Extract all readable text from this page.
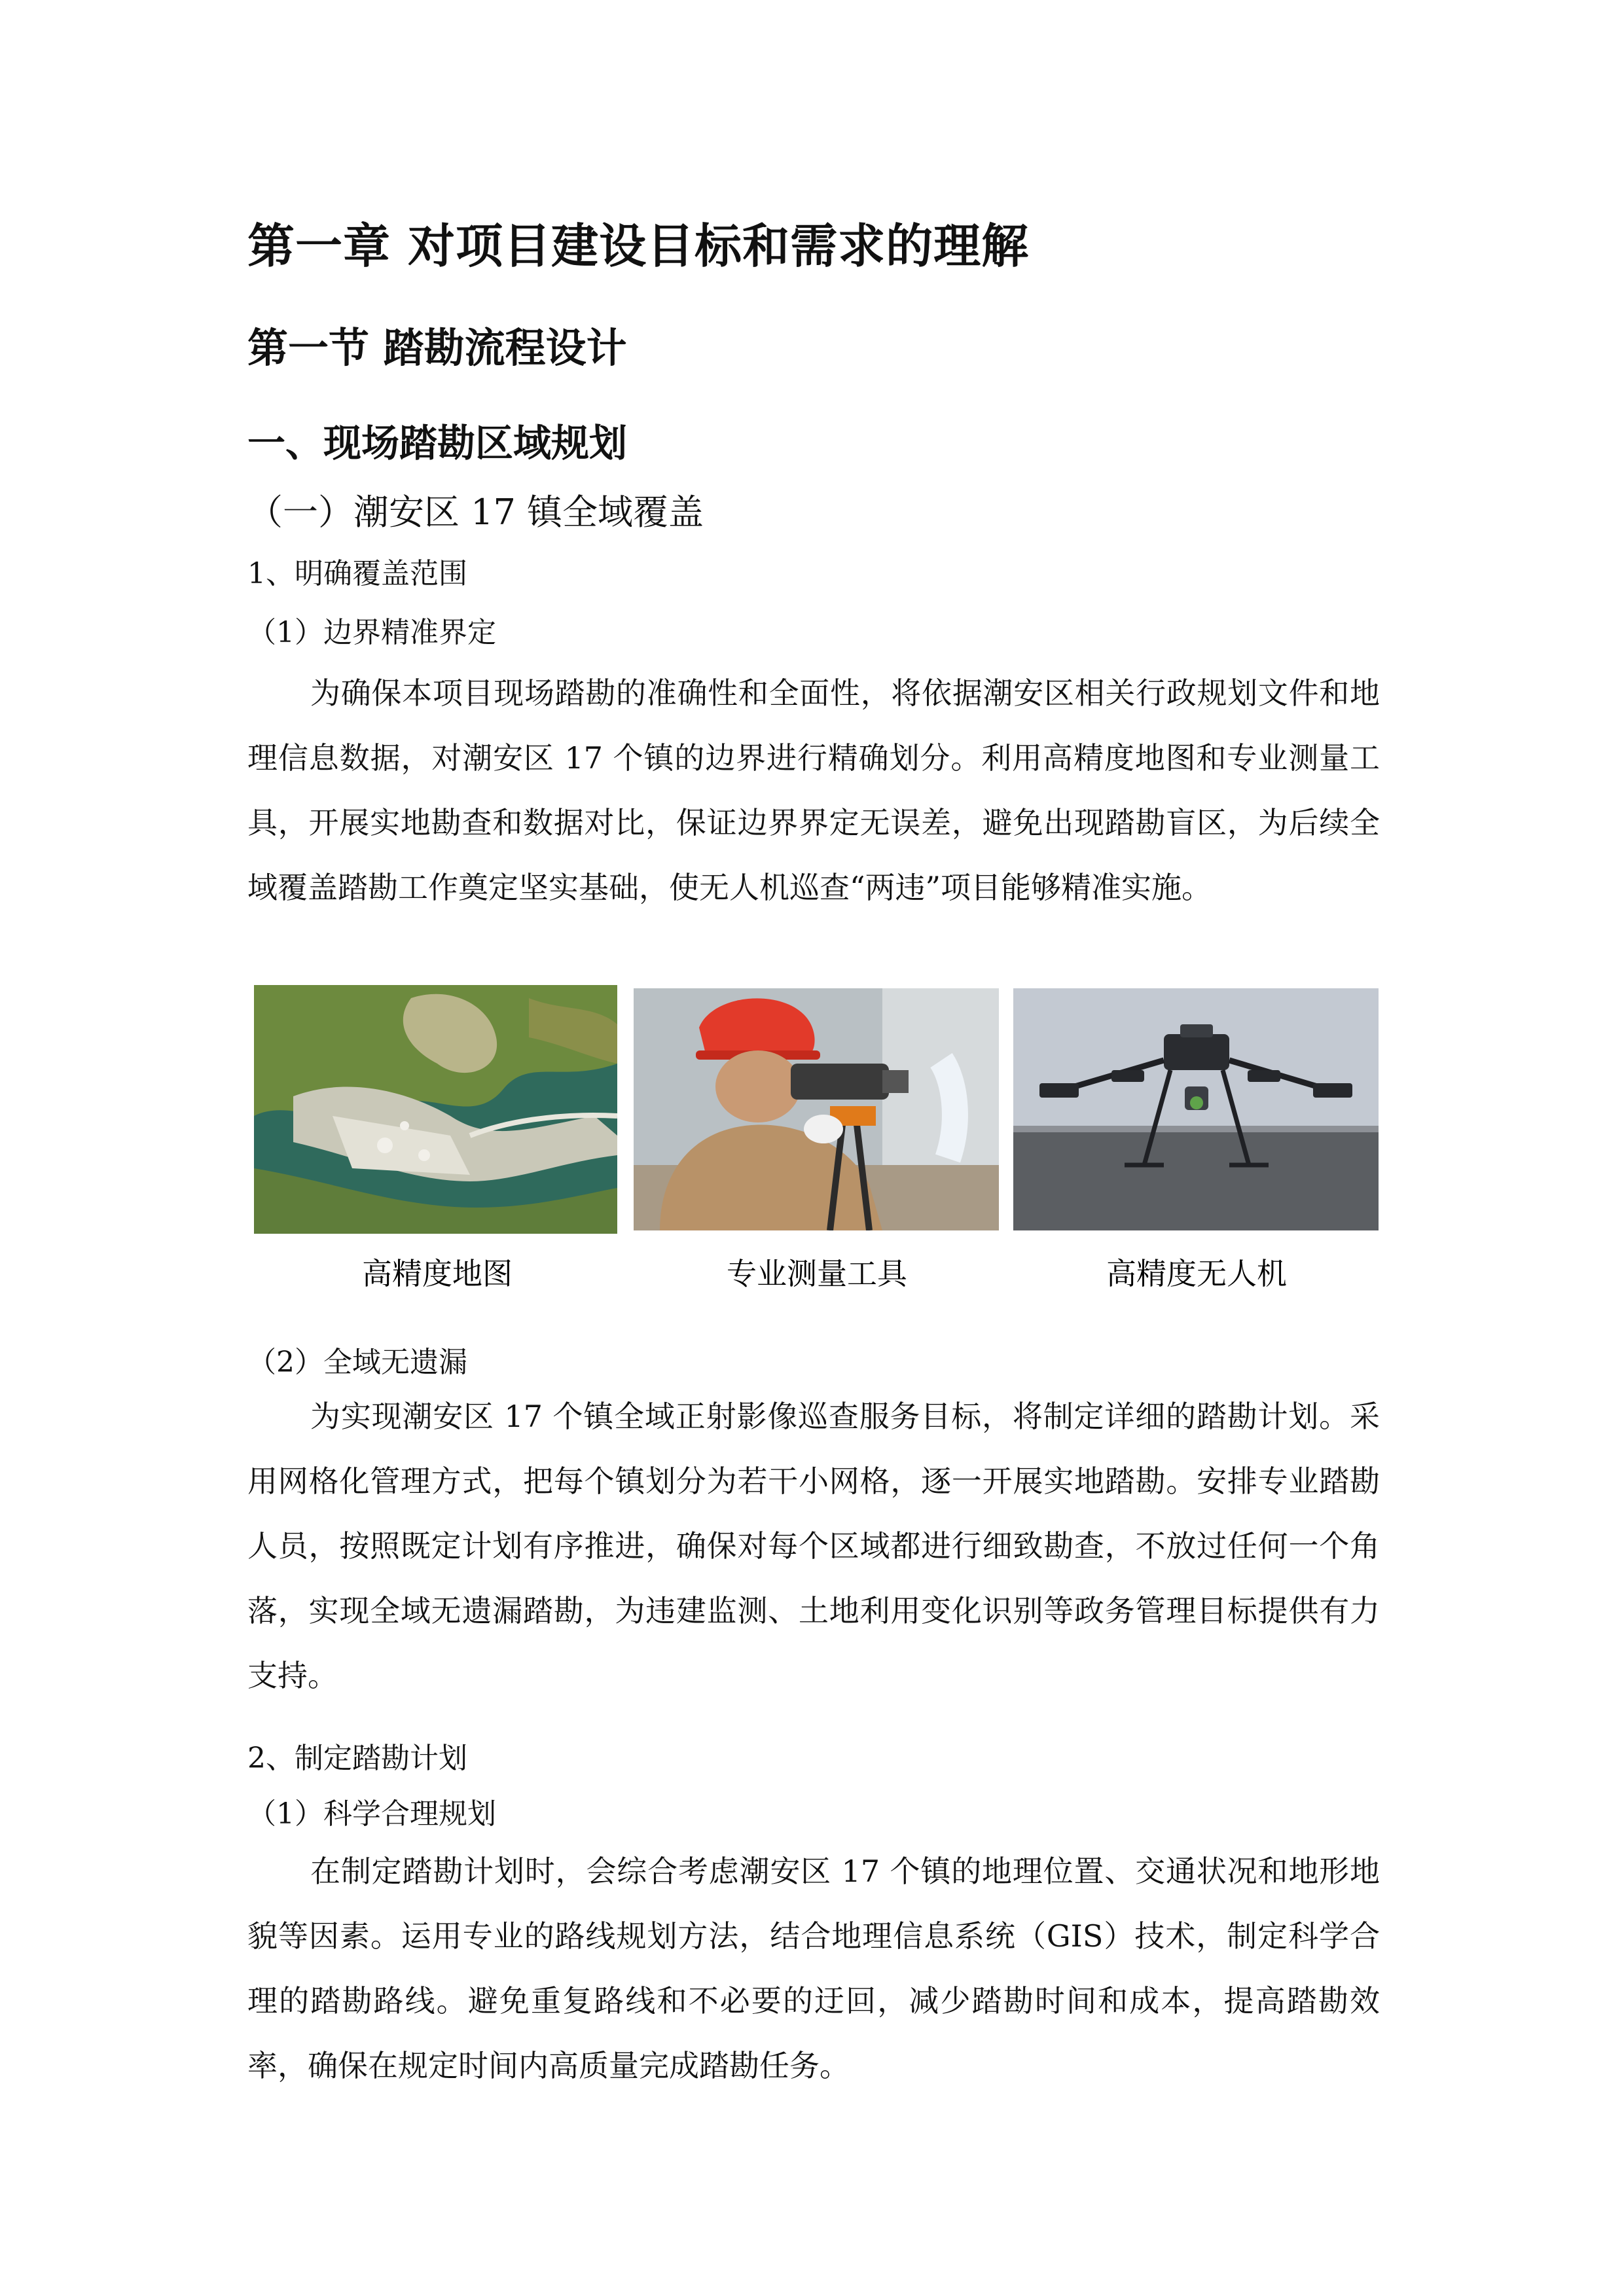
第一章 对项目建设目标和需求的理解
第一节 踏勘流程设计
一、现场踏勘区域规划
（一）潮安区 17 镇全域覆盖
1、明确覆盖范围
（1）边界精准界定
为确保本项目现场踏勘的准确性和全面性，将依据潮安区相关行政规划文件和地理信息数据，对潮安区 17 个镇的边界进行精确划分。利用高精度地图和专业测量工具，开展实地勘查和数据对比，保证边界界定无误差，避免出现踏勘盲区，为后续全域覆盖踏勘工作奠定坚实基础，使无人机巡查“两违”项目能够精准实施。
高精度地图	专业测量工具	高精度无人机
（2）全域无遗漏
为实现潮安区 17 个镇全域正射影像巡查服务目标，将制定详细的踏勘计划。采用网格化管理方式，把每个镇划分为若干小网格，逐一开展实地踏勘。安排专业踏勘人员，按照既定计划有序推进，确保对每个区域都进行细致勘查，不放过任何一个角落，实现全域无遗漏踏勘，为违建监测、土地利用变化识别等政务管理目标提供有力支持。
2、制定踏勘计划
（1）科学合理规划
在制定踏勘计划时，会综合考虑潮安区 17 个镇的地理位置、交通状况和地形地貌等因素。运用专业的路线规划方法，结合地理信息系统（GIS）技术，制定科学合理的踏勘路线。避免重复路线和不必要的迂回，减少踏勘时间和成本，提高踏勘效率，确保在规定时间内高质量完成踏勘任务。
